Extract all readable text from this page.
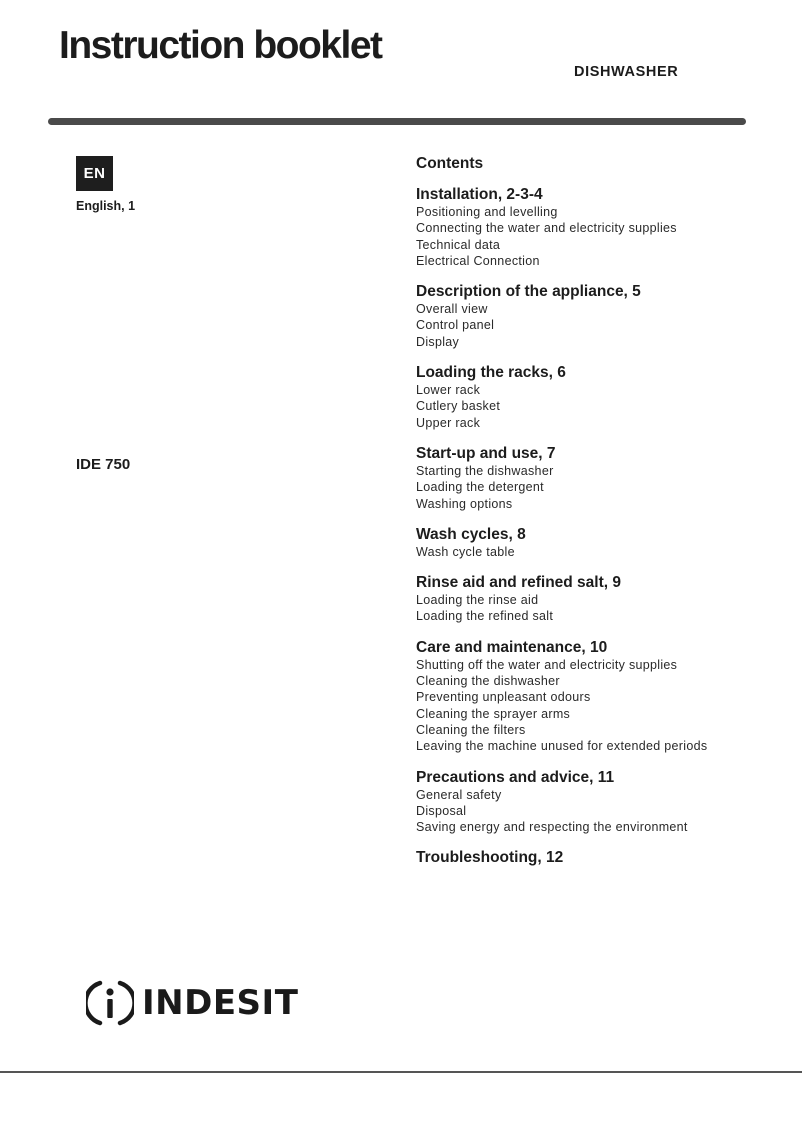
Instruction booklet
DISHWASHER
EN
English, 1
IDE 750
Contents
Installation, 2-3-4
Positioning and levelling
Connecting the water and electricity supplies
Technical data
Electrical Connection
Description of the appliance, 5
Overall view
Control panel
Display
Loading the racks, 6
Lower rack
Cutlery basket
Upper rack
Start-up and use, 7
Starting the dishwasher
Loading the detergent
Washing options
Wash cycles, 8
Wash cycle table
Rinse aid and refined salt, 9
Loading the rinse aid
Loading the refined salt
Care and maintenance, 10
Shutting off the water and electricity supplies
Cleaning the dishwasher
Preventing unpleasant odours
Cleaning the sprayer arms
Cleaning the filters
Leaving the machine unused for extended periods
Precautions and advice, 11
General safety
Disposal
Saving energy and respecting the environment
Troubleshooting, 12
INDESIT
